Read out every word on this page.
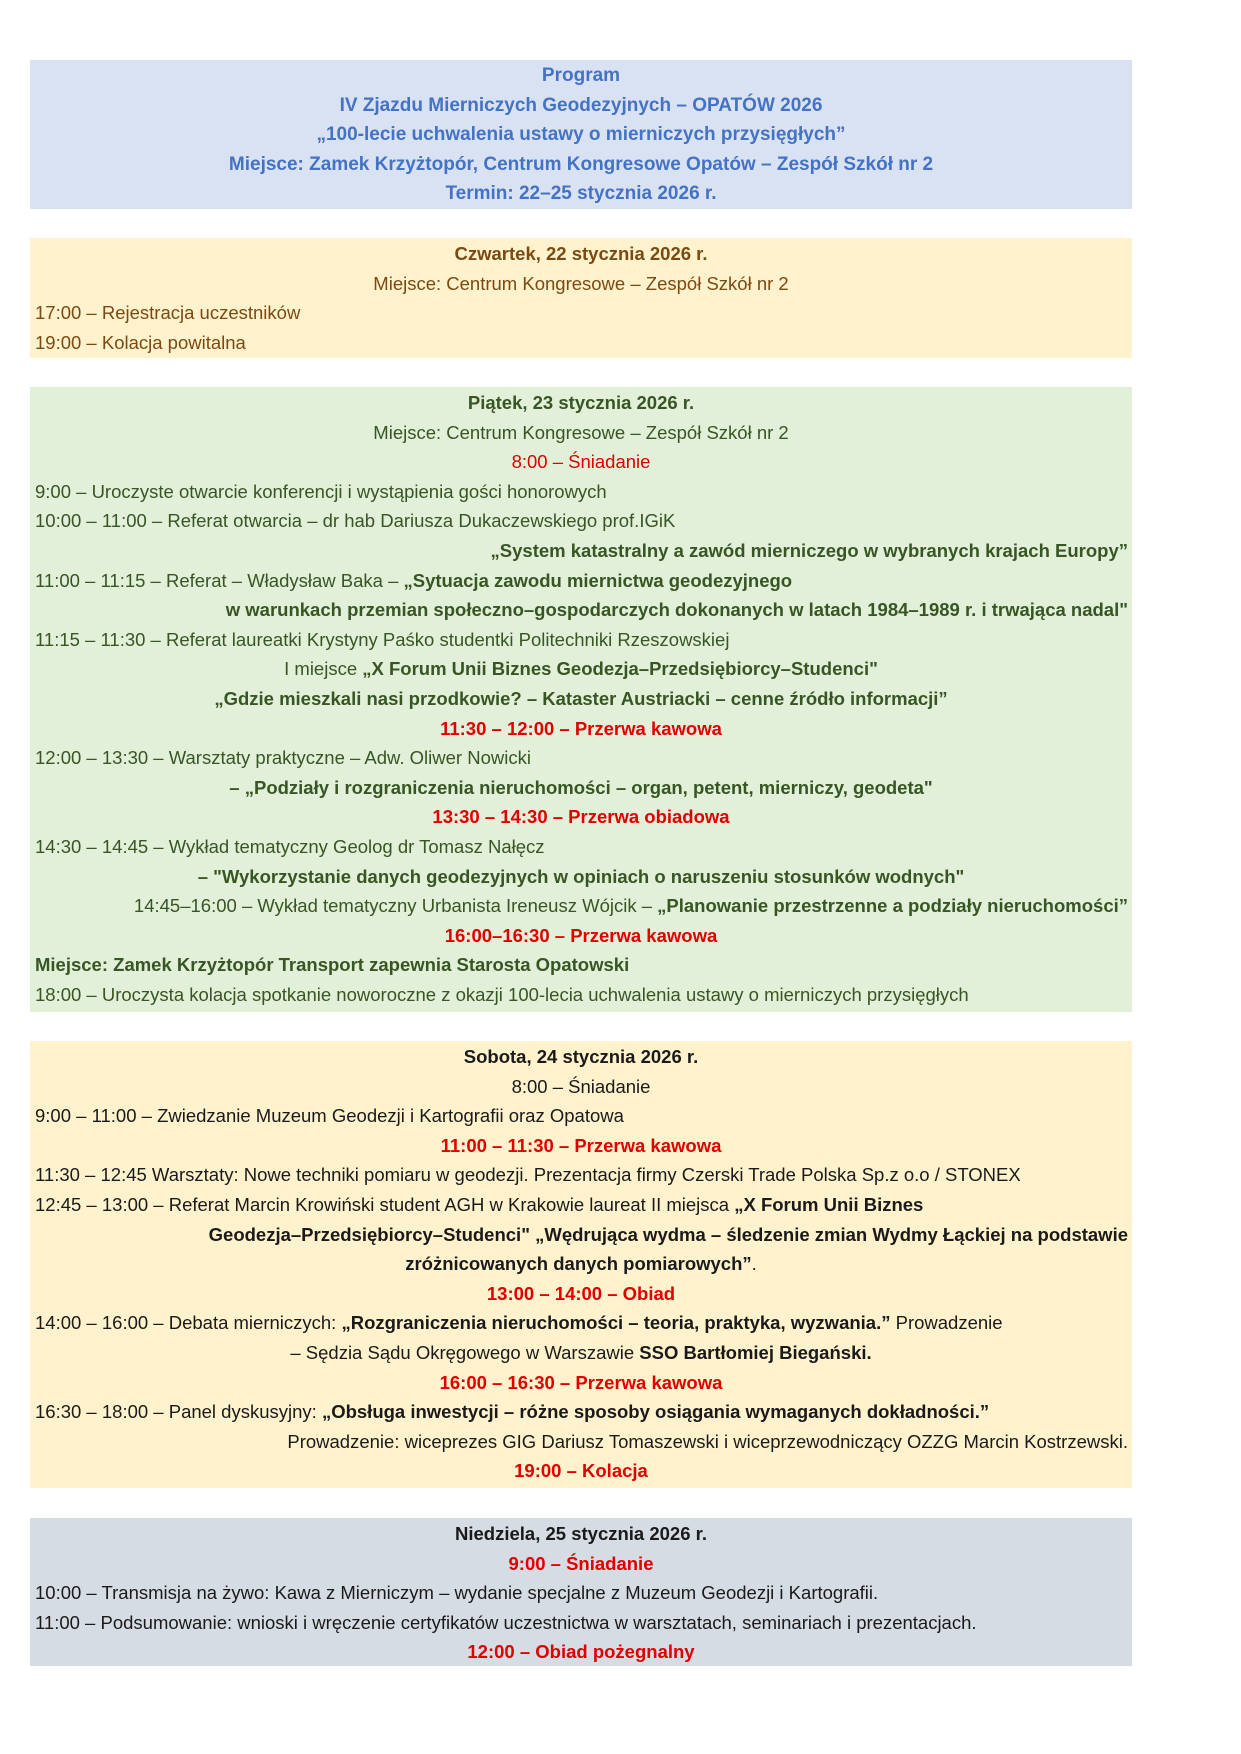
Program
IV Zjazdu Mierniczych Geodezyjnych – OPATÓW 2026
„100-lecie uchwalenia ustawy o mierniczych przysięgłych”
Miejsce: Zamek Krzyżtopór, Centrum Kongresowe Opatów – Zespół Szkół nr 2
Termin: 22–25 stycznia 2026 r.
Czwartek, 22 stycznia 2026 r.
Miejsce: Centrum Kongresowe – Zespół Szkół nr 2
17:00 – Rejestracja uczestników
19:00 – Kolacja powitalna
Piątek, 23 stycznia 2026 r.
Miejsce: Centrum Kongresowe – Zespół Szkół nr 2
8:00 – Śniadanie
9:00 – Uroczyste otwarcie konferencji i wystąpienia gości honorowych
10:00 – 11:00 – Referat otwarcia – dr hab Dariusza Dukaczewskiego prof.IGiK
„System katastralny a zawód mierniczego w wybranych krajach Europy”
11:00 – 11:15 – Referat – Władysław Baka – „Sytuacja zawodu miernictwa geodezyjnego
w warunkach przemian społeczno–gospodarczych dokonanych w latach 1984–1989 r. i trwająca nadal"
11:15 – 11:30 – Referat laureatki Krystyny Paśko studentki Politechniki Rzeszowskiej
I miejsce „X Forum Unii Biznes Geodezja–Przedsiębiorcy–Studenci"
„Gdzie mieszkali nasi przodkowie? – Kataster Austriacki – cenne źródło informacji”
11:30 – 12:00 – Przerwa kawowa
12:00 – 13:30 – Warsztaty praktyczne – Adw. Oliwer Nowicki
– „Podziały i rozgraniczenia nieruchomości – organ, petent, mierniczy, geodeta"
13:30 – 14:30 – Przerwa obiadowa
14:30 – 14:45 – Wykład tematyczny Geolog dr Tomasz Nałęcz
– "Wykorzystanie danych geodezyjnych w opiniach o naruszeniu stosunków wodnych"
14:45–16:00 – Wykład tematyczny Urbanista Ireneusz Wójcik – „Planowanie przestrzenne a podziały nieruchomości”
16:00–16:30 – Przerwa kawowa
Miejsce: Zamek Krzyżtopór Transport zapewnia Starosta Opatowski
18:00 – Uroczysta kolacja spotkanie noworoczne z okazji 100-lecia uchwalenia ustawy o mierniczych przysięgłych
Sobota, 24 stycznia 2026 r.
8:00 – Śniadanie
9:00 – 11:00 – Zwiedzanie Muzeum Geodezji i Kartografii oraz Opatowa
11:00 – 11:30 – Przerwa kawowa
11:30 – 12:45 Warsztaty: Nowe techniki pomiaru w geodezji. Prezentacja firmy Czerski Trade Polska Sp.z o.o / STONEX
12:45 – 13:00 – Referat Marcin Krowiński student AGH w Krakowie laureat II miejsca „X Forum Unii Biznes
Geodezja–Przedsiębiorcy–Studenci" „Wędrująca wydma – śledzenie zmian Wydmy Łąckiej na podstawie
zróżnicowanych danych pomiarowych”.
13:00 – 14:00 – Obiad
14:00 – 16:00 – Debata mierniczych: „Rozgraniczenia nieruchomości – teoria, praktyka, wyzwania.” Prowadzenie
– Sędzia Sądu Okręgowego w Warszawie SSO Bartłomiej Biegański.
16:00 – 16:30 – Przerwa kawowa
16:30 – 18:00 – Panel dyskusyjny: „Obsługa inwestycji – różne sposoby osiągania wymaganych dokładności.”
Prowadzenie: wiceprezes GIG Dariusz Tomaszewski i wiceprzewodniczący OZZG Marcin Kostrzewski.
19:00 – Kolacja
Niedziela, 25 stycznia 2026 r.
9:00 – Śniadanie
10:00 – Transmisja na żywo: Kawa z Mierniczym – wydanie specjalne z Muzeum Geodezji i Kartografii.
11:00 – Podsumowanie: wnioski i wręczenie certyfikatów uczestnictwa w warsztatach, seminariach i prezentacjach.
12:00 – Obiad pożegnalny
